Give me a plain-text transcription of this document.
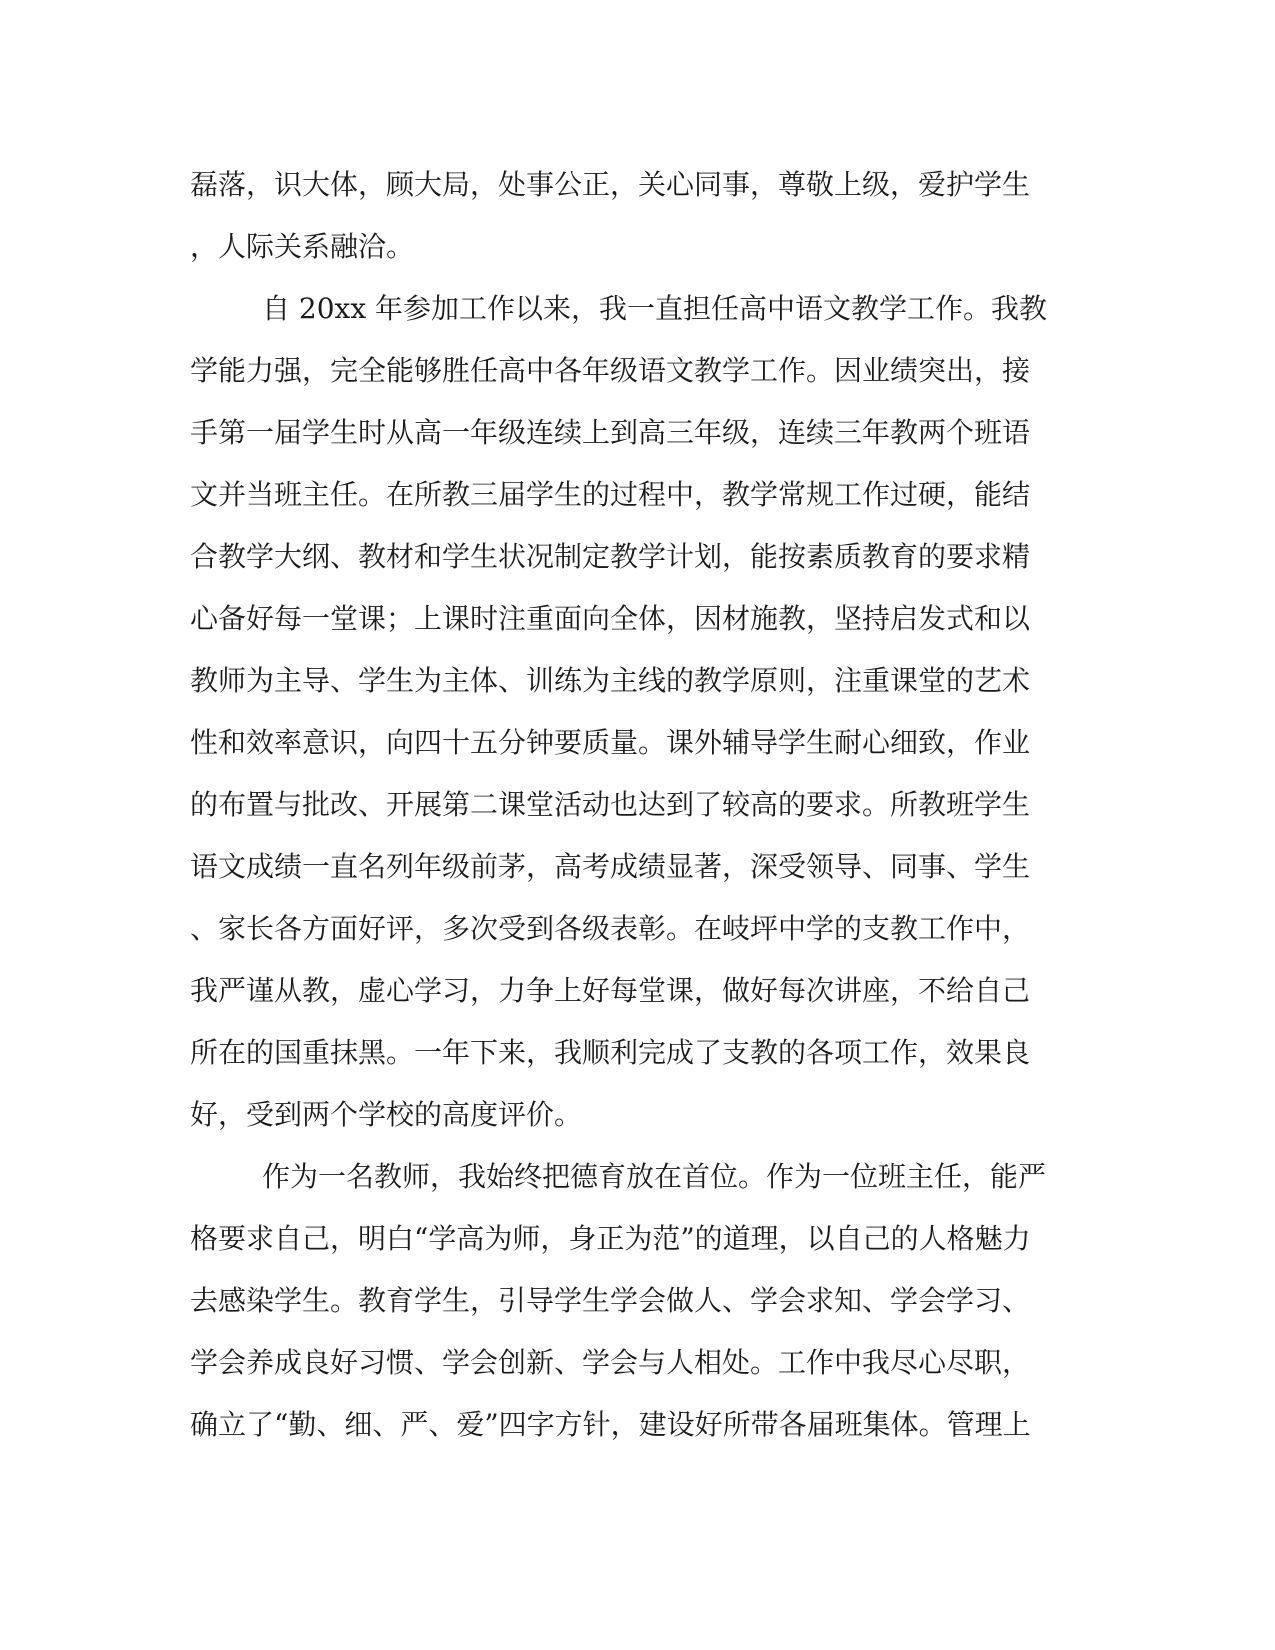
磊落，识大体，顾大局，处事公正，关心同事，尊敬上级，爱护学生
，人际关系融洽。
自 20xx 年参加工作以来，我一直担任高中语文教学工作。我教
学能力强，完全能够胜任高中各年级语文教学工作。因业绩突出，接
手第一届学生时从高一年级连续上到高三年级，连续三年教两个班语
文并当班主任。在所教三届学生的过程中，教学常规工作过硬，能结
合教学大纲、教材和学生状况制定教学计划，能按素质教育的要求精
心备好每一堂课；上课时注重面向全体，因材施教，坚持启发式和以
教师为主导、学生为主体、训练为主线的教学原则，注重课堂的艺术
性和效率意识，向四十五分钟要质量。课外辅导学生耐心细致，作业
的布置与批改、开展第二课堂活动也达到了较高的要求。所教班学生
语文成绩一直名列年级前茅，高考成绩显著，深受领导、同事、学生
、家长各方面好评，多次受到各级表彰。在岐坪中学的支教工作中，
我严谨从教，虚心学习，力争上好每堂课，做好每次讲座，不给自己
所在的国重抹黑。一年下来，我顺利完成了支教的各项工作，效果良
好，受到两个学校的高度评价。
作为一名教师，我始终把德育放在首位。作为一位班主任，能严
格要求自己，明白“学高为师，身正为范”的道理，以自己的人格魅力
去感染学生。教育学生，引导学生学会做人、学会求知、学会学习、
学会养成良好习惯、学会创新、学会与人相处。工作中我尽心尽职，
确立了“勤、细、严、爱”四字方针，建设好所带各届班集体。管理上
